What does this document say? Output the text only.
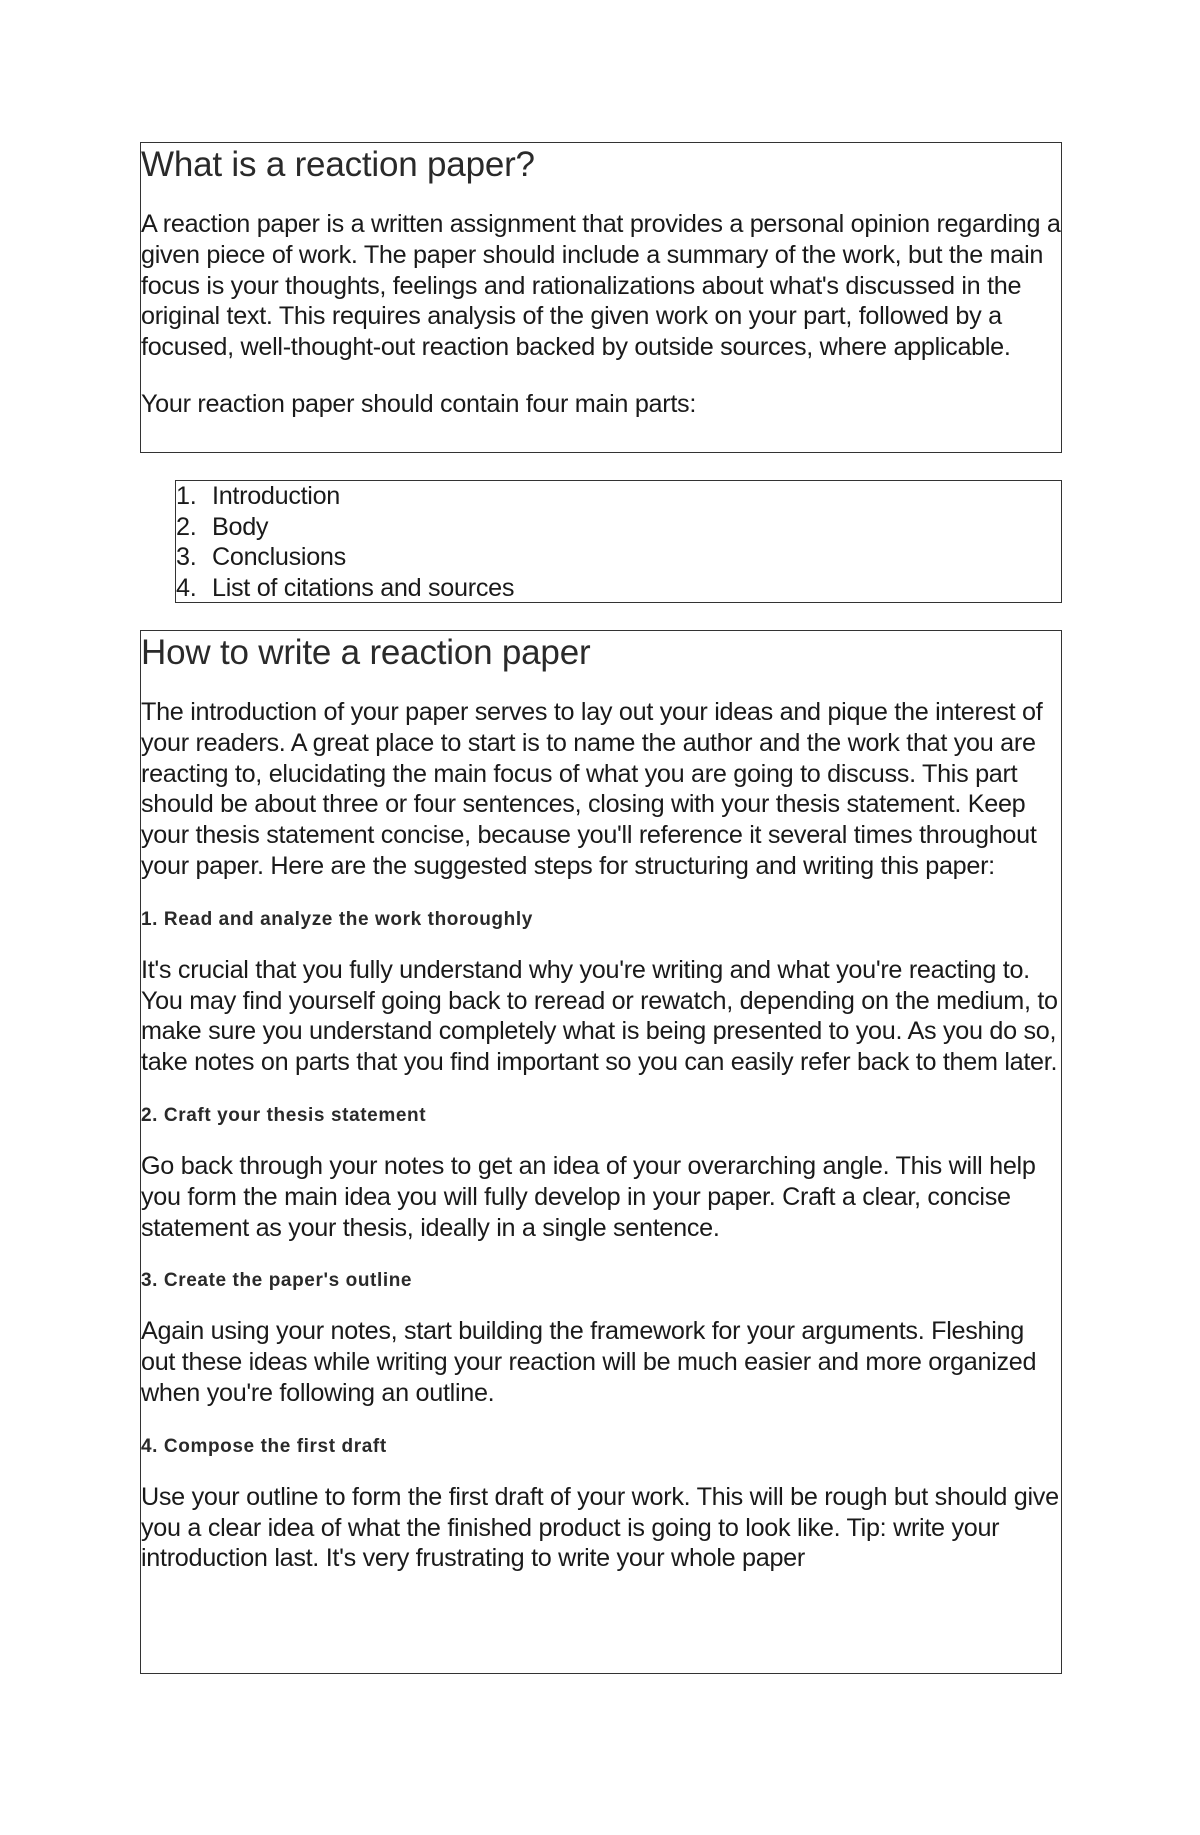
What is a reaction paper?

A reaction paper is a written assignment that provides a personal opinion regarding a given piece of work. The paper should include a summary of the work, but the main focus is your thoughts, feelings and rationalizations about what's discussed in the original text. This requires analysis of the given work on your part, followed by a focused, well-thought-out reaction backed by outside sources, where applicable.

Your reaction paper should contain four main parts:

1. Introduction
2. Body
3. Conclusions
4. List of citations and sources
How to write a reaction paper

The introduction of your paper serves to lay out your ideas and pique the interest of your readers. A great place to start is to name the author and the work that you are reacting to, elucidating the main focus of what you are going to discuss. This part should be about three or four sentences, closing with your thesis statement. Keep your thesis statement concise, because you'll reference it several times throughout your paper. Here are the suggested steps for structuring and writing this paper:

1. Read and analyze the work thoroughly

It's crucial that you fully understand why you're writing and what you're reacting to. You may find yourself going back to reread or rewatch, depending on the medium, to make sure you understand completely what is being presented to you. As you do so, take notes on parts that you find important so you can easily refer back to them later.

2. Craft your thesis statement

Go back through your notes to get an idea of your overarching angle. This will help you form the main idea you will fully develop in your paper. Craft a clear, concise statement as your thesis, ideally in a single sentence.

3. Create the paper's outline

Again using your notes, start building the framework for your arguments. Fleshing out these ideas while writing your reaction will be much easier and more organized when you're following an outline.

4. Compose the first draft

Use your outline to form the first draft of your work. This will be rough but should give you a clear idea of what the finished product is going to look like. Tip: write your introduction last. It's very frustrating to write your whole paper
